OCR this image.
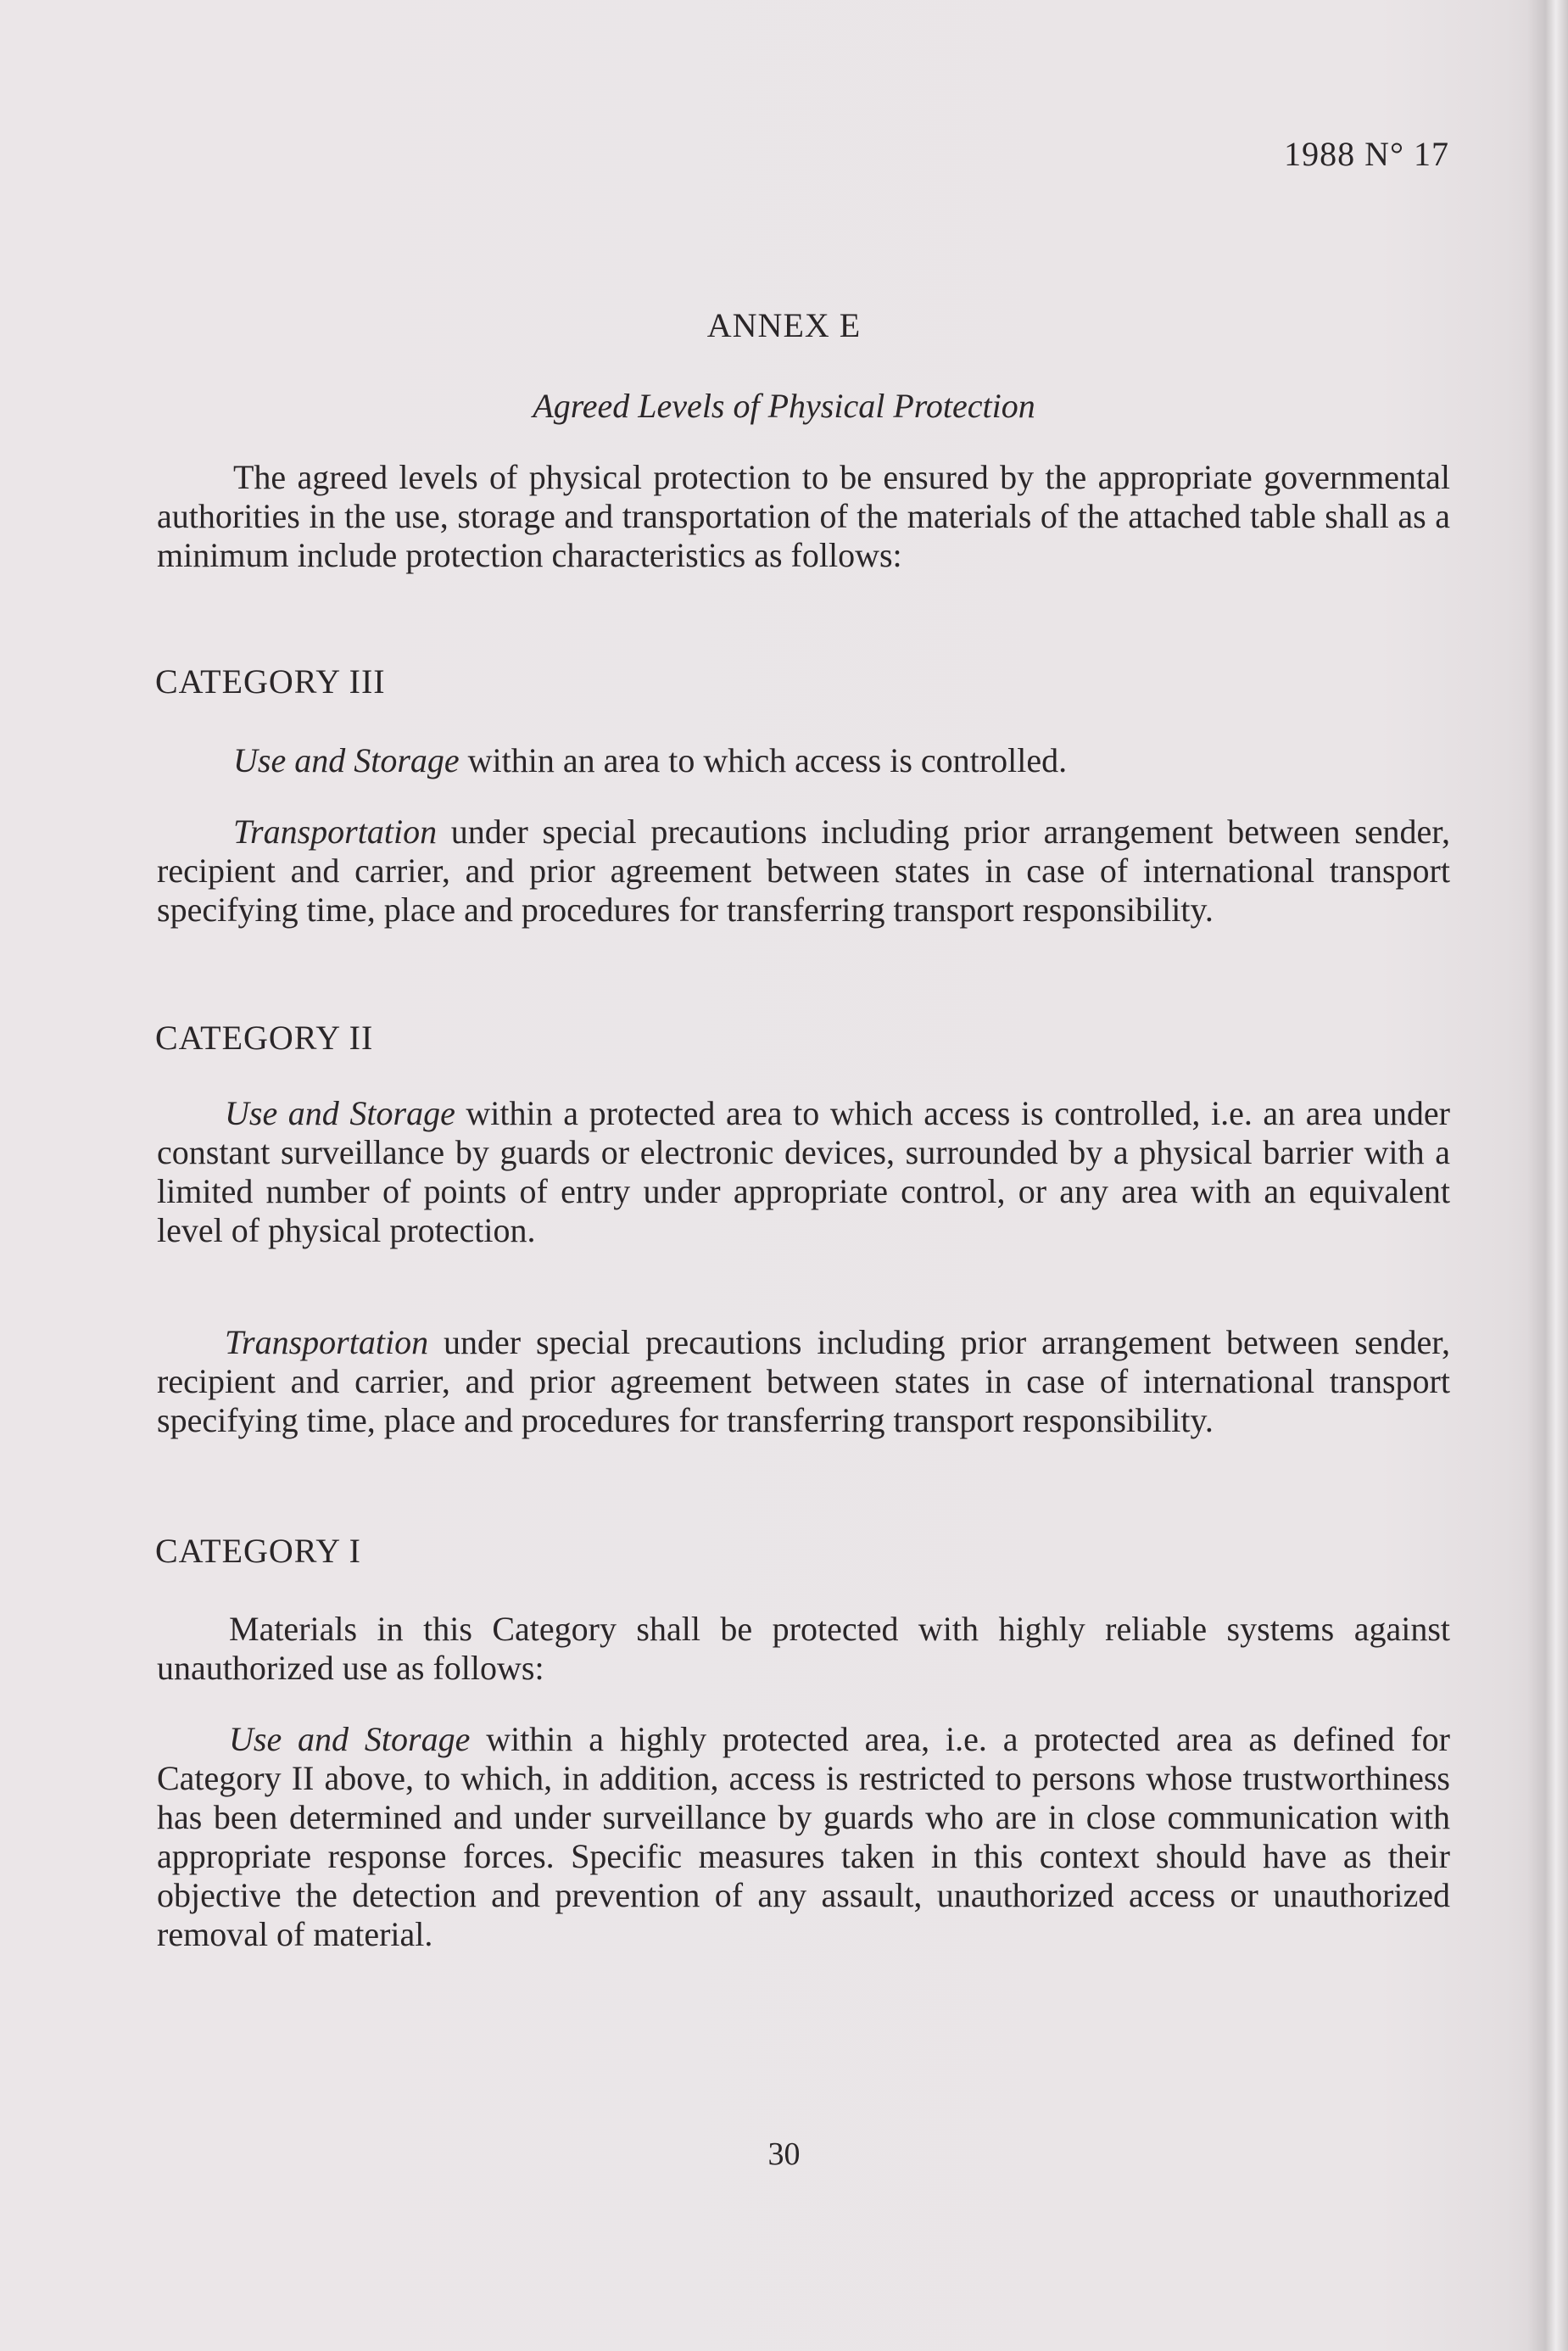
1988 N° 17
ANNEX E
Agreed Levels of Physical Protection

The agreed levels of physical protection to be ensured by the appropriate governmental authorities in the use, storage and transportation of the materials of the attached table shall as a minimum include protection characteristics as follows:

CATEGORY III

Use and Storage within an area to which access is controlled.

Transportation under special precautions including prior arrangement between sender, recipient and carrier, and prior agreement between states in case of international transport specifying time, place and procedures for transferring transport responsibility.

CATEGORY II

Use and Storage within a protected area to which access is controlled, i.e. an area under constant surveillance by guards or electronic devices, surrounded by a physical barrier with a limited number of points of entry under appropriate control, or any area with an equivalent level of physical protection.

Transportation under special precautions including prior arrangement between sender, recipient and carrier, and prior agreement between states in case of international transport specifying time, place and procedures for transferring transport responsibility.

CATEGORY I

Materials in this Category shall be protected with highly reliable systems against unauthorized use as follows:

Use and Storage within a highly protected area, i.e. a protected area as defined for Category II above, to which, in addition, access is restricted to persons whose trustworthiness has been determined and under surveillance by guards who are in close communication with appropriate response forces. Specific measures taken in this context should have as their objective the detection and prevention of any assault, unauthorized access or unauthorized removal of material.

30
